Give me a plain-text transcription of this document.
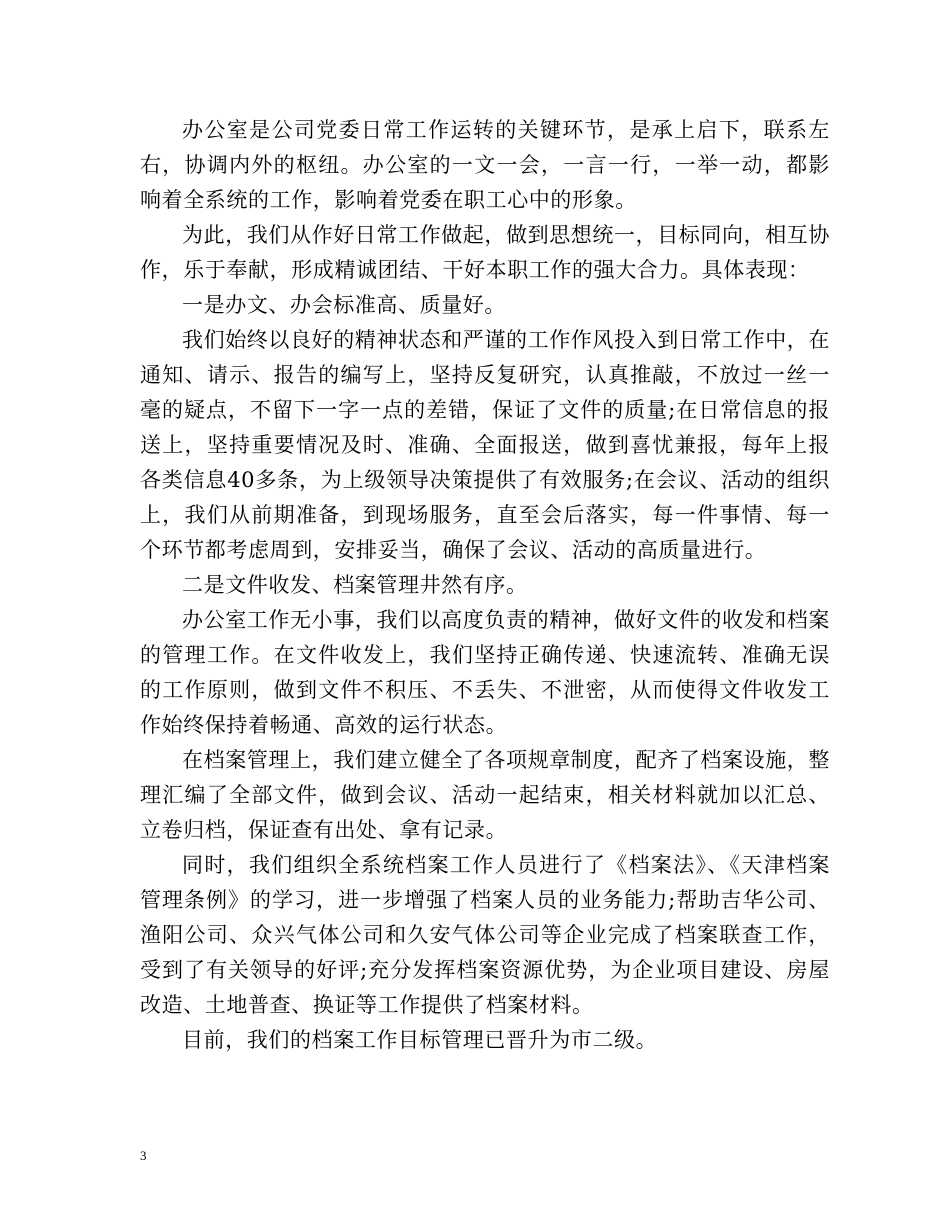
办公室是公司党委日常工作运转的关键环节，是承上启下，联系左右，协调内外的枢纽。办公室的一文一会，一言一行，一举一动，都影响着全系统的工作，影响着党委在职工心中的形象。

为此，我们从作好日常工作做起，做到思想统一，目标同向，相互协作，乐于奉献，形成精诚团结、干好本职工作的强大合力。具体表现：

一是办文、办会标准高、质量好。

我们始终以良好的精神状态和严谨的工作作风投入到日常工作中，在通知、请示、报告的编写上，坚持反复研究，认真推敲，不放过一丝一毫的疑点，不留下一字一点的差错，保证了文件的质量;在日常信息的报送上，坚持重要情况及时、准确、全面报送，做到喜忧兼报，每年上报各类信息40多条，为上级领导决策提供了有效服务;在会议、活动的组织上，我们从前期准备，到现场服务，直至会后落实，每一件事情、每一个环节都考虑周到，安排妥当，确保了会议、活动的高质量进行。

二是文件收发、档案管理井然有序。

办公室工作无小事，我们以高度负责的精神，做好文件的收发和档案的管理工作。在文件收发上，我们坚持正确传递、快速流转、准确无误的工作原则，做到文件不积压、不丢失、不泄密，从而使得文件收发工作始终保持着畅通、高效的运行状态。

在档案管理上，我们建立健全了各项规章制度，配齐了档案设施，整理汇编了全部文件，做到会议、活动一起结束，相关材料就加以汇总、立卷归档，保证查有出处、拿有记录。

同时，我们组织全系统档案工作人员进行了《档案法》、《天津档案管理条例》的学习，进一步增强了档案人员的业务能力;帮助吉华公司、渔阳公司、众兴气体公司和久安气体公司等企业完成了档案联查工作，受到了有关领导的好评;充分发挥档案资源优势，为企业项目建设、房屋改造、土地普查、换证等工作提供了档案材料。

目前，我们的档案工作目标管理已晋升为市二级。

3
